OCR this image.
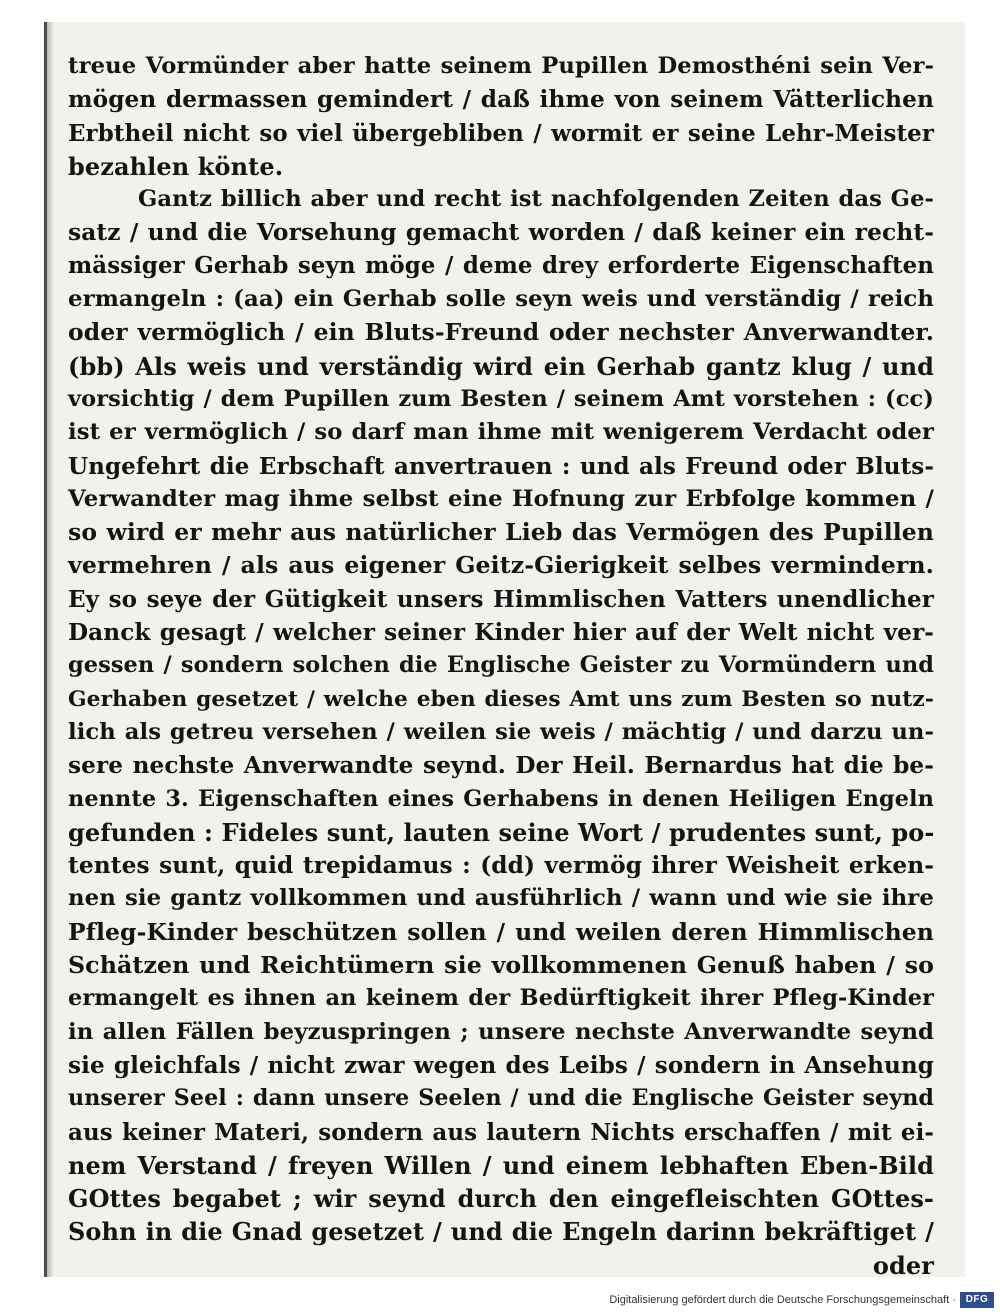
treue Vormünder aber hatte seinem Pupillen Demosthéni sein Ver-
mögen dermassen gemindert / daß ihme von seinem Vätterlichen
Erbtheil nicht so viel übergebliben / wormit er seine Lehr-Meister
bezahlen könte.
Gantz billich aber und recht ist nachfolgenden Zeiten das Ge-
satz / und die Vorsehung gemacht worden / daß keiner ein recht-
mässiger Gerhab seyn möge / deme drey erforderte Eigenschaften
ermangeln : (aa) ein Gerhab solle seyn weis und verständig / reich
oder vermöglich / ein Bluts-Freund oder nechster Anverwandter.
(bb) Als weis und verständig wird ein Gerhab gantz klug / und
vorsichtig / dem Pupillen zum Besten / seinem Amt vorstehen : (cc)
ist er vermöglich / so darf man ihme mit wenigerem Verdacht oder
Ungefehrt die Erbschaft anvertrauen : und als Freund oder Bluts-
Verwandter mag ihme selbst eine Hofnung zur Erbfolge kommen /
so wird er mehr aus natürlicher Lieb das Vermögen des Pupillen
vermehren / als aus eigener Geitz-Gierigkeit selbes vermindern.
Ey so seye der Gütigkeit unsers Himmlischen Vatters unendlicher
Danck gesagt / welcher seiner Kinder hier auf der Welt nicht ver-
gessen / sondern solchen die Englische Geister zu Vormündern und
Gerhaben gesetzet / welche eben dieses Amt uns zum Besten so nutz-
lich als getreu versehen / weilen sie weis / mächtig / und darzu un-
sere nechste Anverwandte seynd. Der Heil. Bernardus hat die be-
nennte 3. Eigenschaften eines Gerhabens in denen Heiligen Engeln
gefunden : Fideles sunt, lauten seine Wort / prudentes sunt, po-
tentes sunt, quid trepidamus : (dd) vermög ihrer Weisheit erken-
nen sie gantz vollkommen und ausführlich / wann und wie sie ihre
Pfleg-Kinder beschützen sollen / und weilen deren Himmlischen
Schätzen und Reichtümern sie vollkommenen Genuß haben / so
ermangelt es ihnen an keinem der Bedürftigkeit ihrer Pfleg-Kinder
in allen Fällen beyzuspringen ; unsere nechste Anverwandte seynd
sie gleichfals / nicht zwar wegen des Leibs / sondern in Ansehung
unserer Seel : dann unsere Seelen / und die Englische Geister seynd
aus keiner Materi, sondern aus lautern Nichts erschaffen / mit ei-
nem Verstand / freyen Willen / und einem lebhaften Eben-Bild
GOttes begabet ; wir seynd durch den eingefleischten GOttes-
Sohn in die Gnad gesetzet / und die Engeln darinn bekräftiget /
oder
Digitalisierung gefördert durch die Deutsche Forschungsgemeinschaft · DFG
